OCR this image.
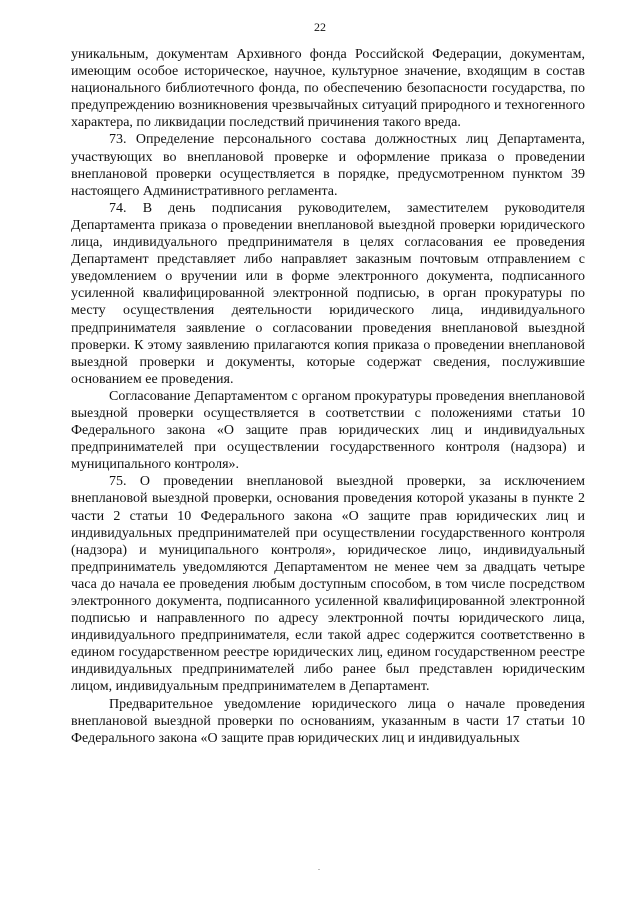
22

уникальным, документам Архивного фонда Российской Федерации, документам, имеющим особое историческое, научное, культурное значение, входящим в состав национального библиотечного фонда, по обеспечению безопасности государства, по предупреждению возникновения чрезвычайных ситуаций природного и техногенного характера, по ликвидации последствий причинения такого вреда.

73. Определение персонального состава должностных лиц Департамента, участвующих во внеплановой проверке и оформление приказа о проведении внеплановой проверки осуществляется в порядке, предусмотренном пунктом 39 настоящего Административного регламента.

74. В день подписания руководителем, заместителем руководителя Департамента приказа о проведении внеплановой выездной проверки юридического лица, индивидуального предпринимателя в целях согласования ее проведения Департамент представляет либо направляет заказным почтовым отправлением с уведомлением о вручении или в форме электронного документа, подписанного усиленной квалифицированной электронной подписью, в орган прокуратуры по месту осуществления деятельности юридического лица, индивидуального предпринимателя заявление о согласовании проведения внеплановой выездной проверки. К этому заявлению прилагаются копия приказа о проведении внеплановой выездной проверки и документы, которые содержат сведения, послужившие основанием ее проведения.

Согласование Департаментом с органом прокуратуры проведения внеплановой выездной проверки осуществляется в соответствии с положениями статьи 10 Федерального закона «О защите прав юридических лиц и индивидуальных предпринимателей при осуществлении государственного контроля (надзора) и муниципального контроля».

75. О проведении внеплановой выездной проверки, за исключением внеплановой выездной проверки, основания проведения которой указаны в пункте 2 части 2 статьи 10 Федерального закона «О защите прав юридических лиц и индивидуальных предпринимателей при осуществлении государственного контроля (надзора) и муниципального контроля», юридическое лицо, индивидуальный предприниматель уведомляются Департаментом не менее чем за двадцать четыре часа до начала ее проведения любым доступным способом, в том числе посредством электронного документа, подписанного усиленной квалифицированной электронной подписью и направленного по адресу электронной почты юридического лица, индивидуального предпринимателя, если такой адрес содержится соответственно в едином государственном реестре юридических лиц, едином государственном реестре индивидуальных предпринимателей либо ранее был представлен юридическим лицом, индивидуальным предпринимателем в Департамент.

Предварительное уведомление юридического лица о начале проведения внеплановой выездной проверки по основаниям, указанным в части 17 статьи 10 Федерального закона «О защите прав юридических лиц и индивидуальных
